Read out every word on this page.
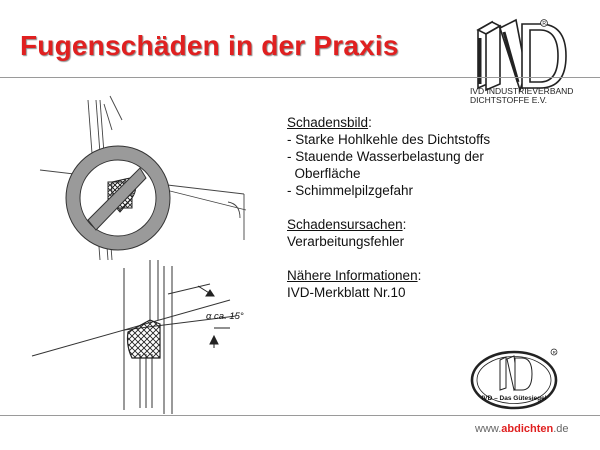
Fugenschäden in der Praxis
R
IVD INDUSTRIEVERBAND
DICHTSTOFFE E.V.
α ca. 15°
Schadensbild:
- Starke Hohlkehle des Dichtstoffs
- Stauende Wasserbelastung der
Oberfläche
- Schimmelpilzgefahr
Schadensursachen:
Verarbeitungsfehler
Nähere Informationen:
IVD-Merkblatt Nr.10
IVD – Das Gütesiegel
R
www.abdichten.de
